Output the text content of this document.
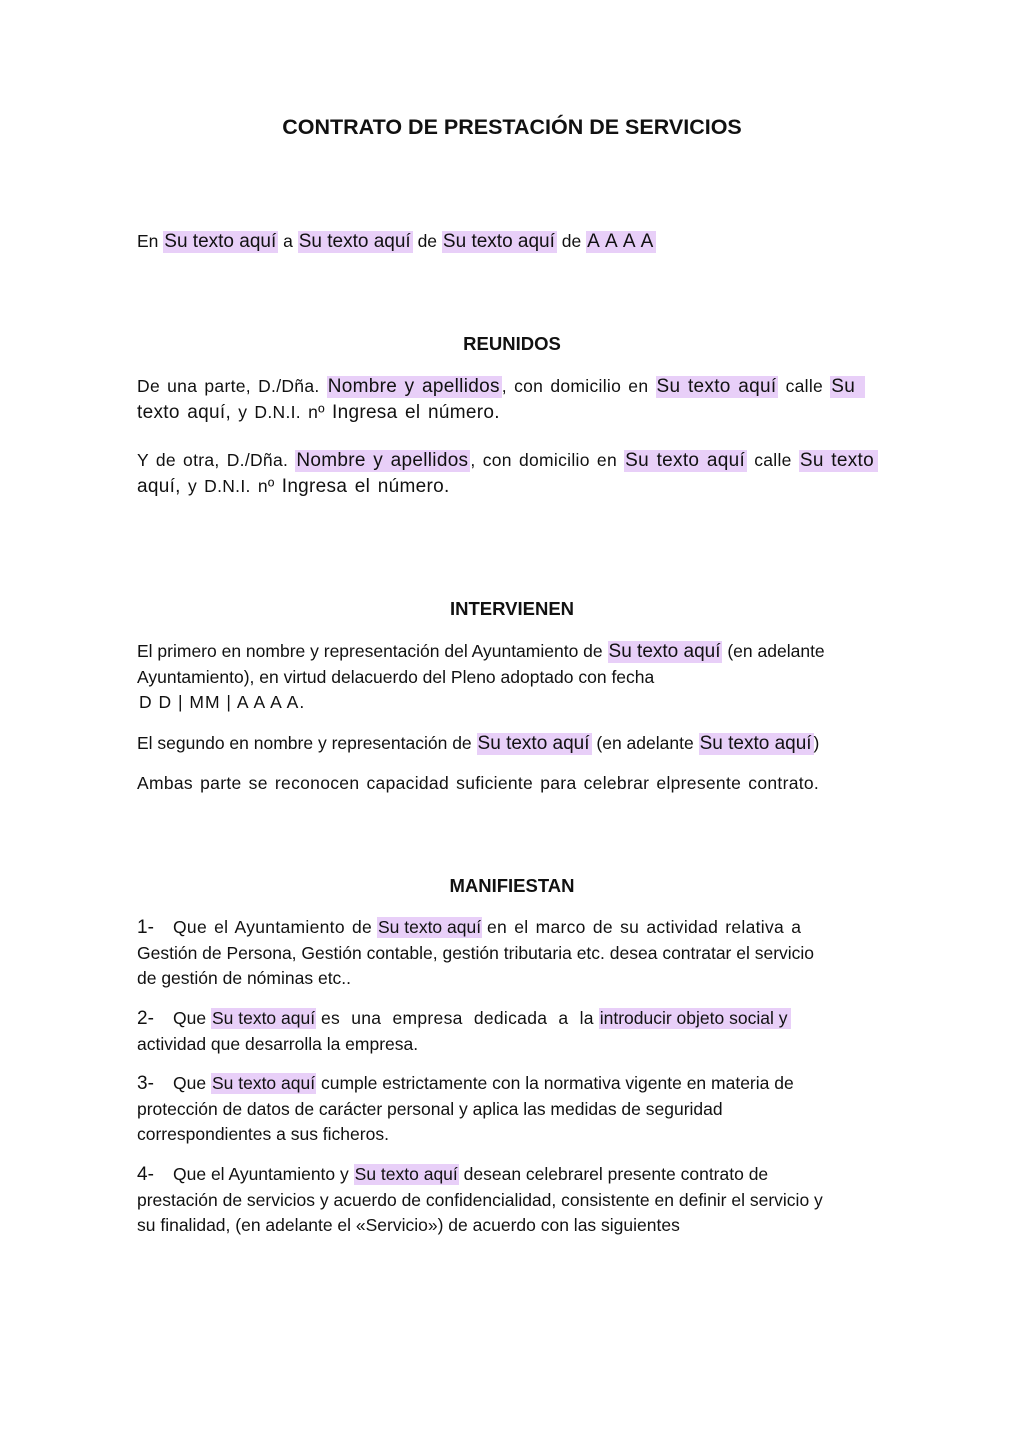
CONTRATO DE PRESTACIÓN DE SERVICIOS
En Su texto aquí a Su texto aquí de Su texto aquí de A A A A
REUNIDOS
De una parte, D./Dña. Nombre y apellidos , con domicilio en Su texto aquí calle Su
texto aquí, y D.N.I. nº Ingresa el número.
Y de otra, D./Dña. Nombre y apellidos , con domicilio en Su texto aquí calle Su texto
aquí, y D.N.I. nº Ingresa el número.
INTERVIENEN
El primero en nombre y representación del Ayuntamiento de Su texto aquí (en adelante
Ayuntamiento), en virtud delacuerdo del Pleno adoptado con fecha
D D | MM | A A A A.
El segundo en nombre y representación de Su texto aquí (en adelante Su texto aquí )
Ambas parte se reconocen capacidad suficiente para celebrar elpresente contrato.
MANIFIESTAN
1- Que el Ayuntamiento de Su texto aquí en el marco de su actividad relativa a
Gestión de Persona, Gestión contable, gestión tributaria etc. desea contratar el servicio
de gestión de nóminas etc..
2- Que Su texto aquí es una empresa dedicada a la introducir objeto social y
actividad que desarrolla la empresa.
3- Que Su texto aquí cumple estrictamente con la normativa vigente en materia de
protección de datos de carácter personal y aplica las medidas de seguridad
correspondientes a sus ficheros.
4- Que el Ayuntamiento y Su texto aquí desean celebrarel presente contrato de
prestación de servicios y acuerdo de confidencialidad, consistente en definir el servicio y
su finalidad, (en adelante el «Servicio») de acuerdo con las siguientes
